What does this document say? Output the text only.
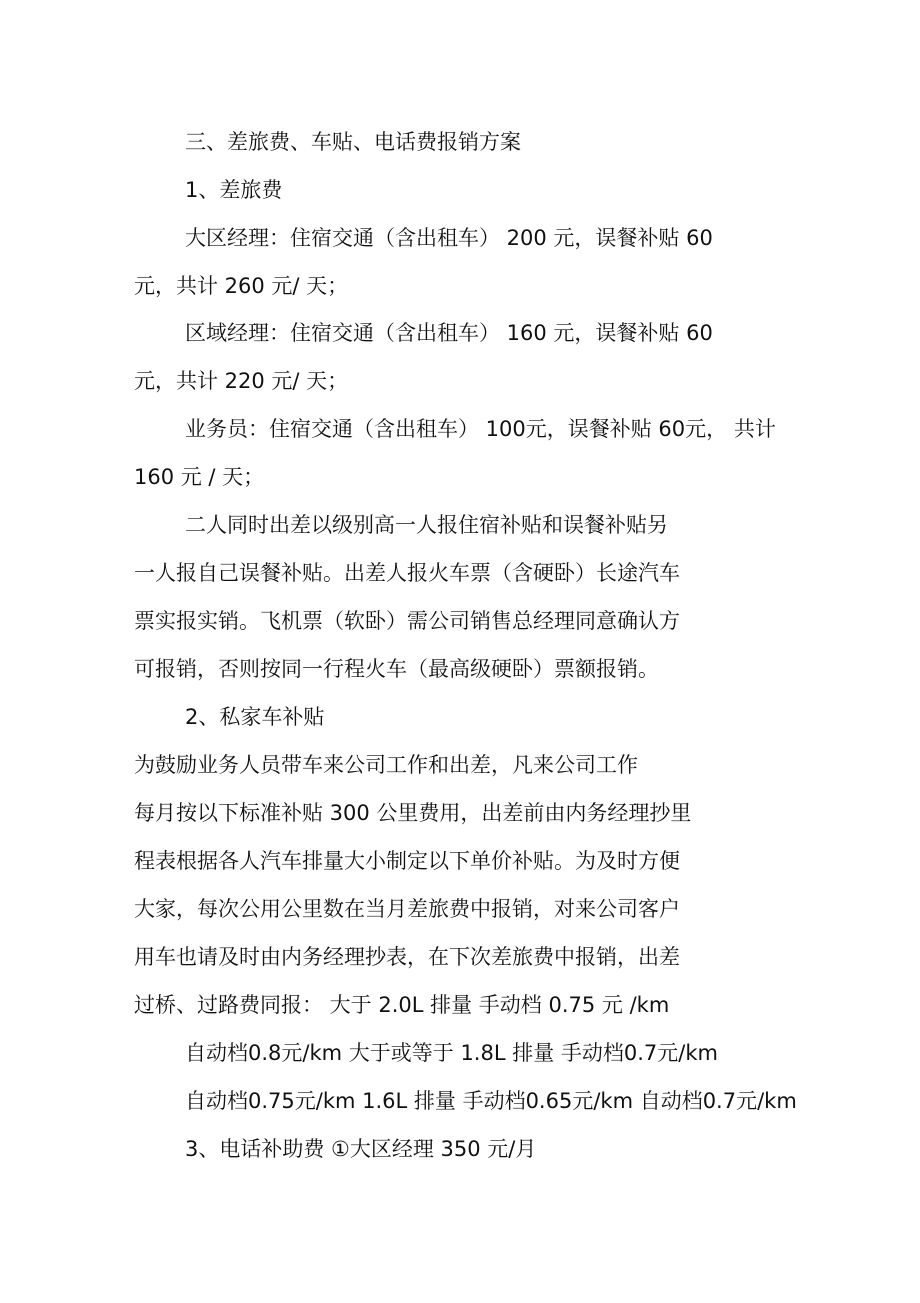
三、差旅费、车贴、电话费报销方案
1、差旅费
大区经理：住宿交通（含出租车） 200 元，误餐补贴 60
元，共计 260 元/ 天；
区域经理：住宿交通（含出租车） 160 元，误餐补贴 60
元，共计 220 元/ 天；
业务员：住宿交通（含出租车） 100元，误餐补贴 60元， 共计
160 元 / 天；
二人同时出差以级别高一人报住宿补贴和误餐补贴另
一人报自己误餐补贴。出差人报火车票（含硬卧）长途汽车
票实报实销。飞机票（软卧）需公司销售总经理同意确认方
可报销，否则按同一行程火车（最高级硬卧）票额报销。
2、私家车补贴
为鼓励业务人员带车来公司工作和出差，凡来公司工作
每月按以下标准补贴 300 公里费用，出差前由内务经理抄里
程表根据各人汽车排量大小制定以下单价补贴。为及时方便
大家，每次公用公里数在当月差旅费中报销，对来公司客户
用车也请及时由内务经理抄表，在下次差旅费中报销，出差
过桥、过路费同报： 大于 2.0L 排量 手动档 0.75 元 /km
自动档0.8元/km 大于或等于 1.8L 排量 手动档0.7元/km
自动档0.75元/km 1.6L 排量 手动档0.65元/km 自动档0.7元/km
3、电话补助费 ①大区经理 350 元/月
